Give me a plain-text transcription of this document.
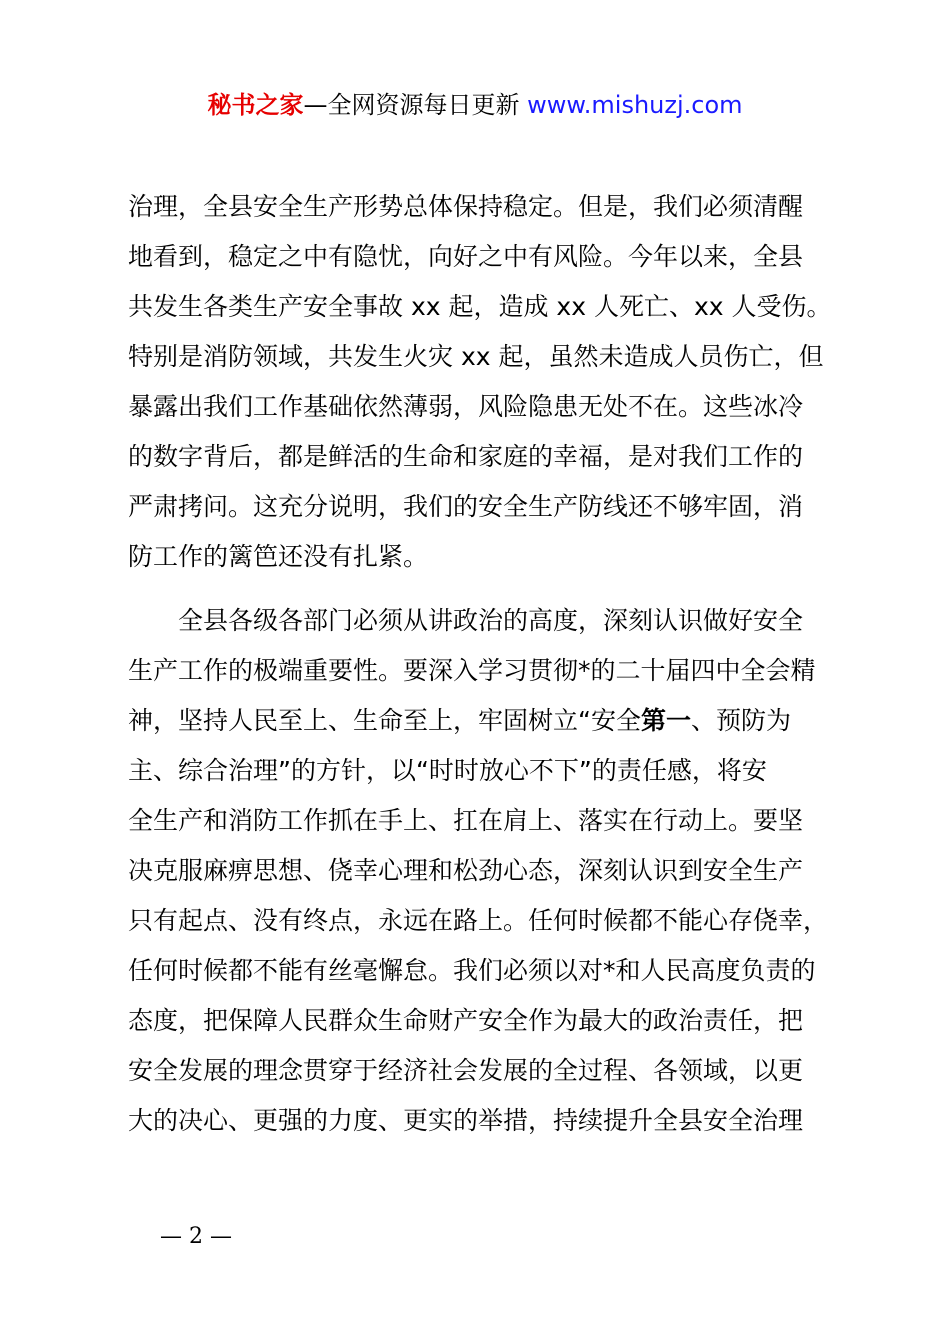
秘书之家—全网资源每日更新 www.mishuzj.com
治理，全县安全生产形势总体保持稳定。但是，我们必须清醒
地看到，稳定之中有隐忧，向好之中有风险。今年以来，全县
共发生各类生产安全事故 xx 起，造成 xx 人死亡、xx 人受伤。
特别是消防领域，共发生火灾 xx 起，虽然未造成人员伤亡，但
暴露出我们工作基础依然薄弱，风险隐患无处不在。这些冰冷
的数字背后，都是鲜活的生命和家庭的幸福，是对我们工作的
严肃拷问。这充分说明，我们的安全生产防线还不够牢固，消
防工作的篱笆还没有扎紧。
全县各级各部门必须从讲政治的高度，深刻认识做好安全
生产工作的极端重要性。要深入学习贯彻*的二十届四中全会精
神，坚持人民至上、生命至上，牢固树立“安全第一、预防为
主、综合治理”的方针，以“时时放心不下”的责任感，将安
全生产和消防工作抓在手上、扛在肩上、落实在行动上。要坚
决克服麻痹思想、侥幸心理和松劲心态，深刻认识到安全生产
只有起点、没有终点，永远在路上。任何时候都不能心存侥幸，
任何时候都不能有丝毫懈怠。我们必须以对*和人民高度负责的
态度，把保障人民群众生命财产安全作为最大的政治责任，把
安全发展的理念贯穿于经济社会发展的全过程、各领域，以更
大的决心、更强的力度、更实的举措，持续提升全县安全治理
— 2 —
